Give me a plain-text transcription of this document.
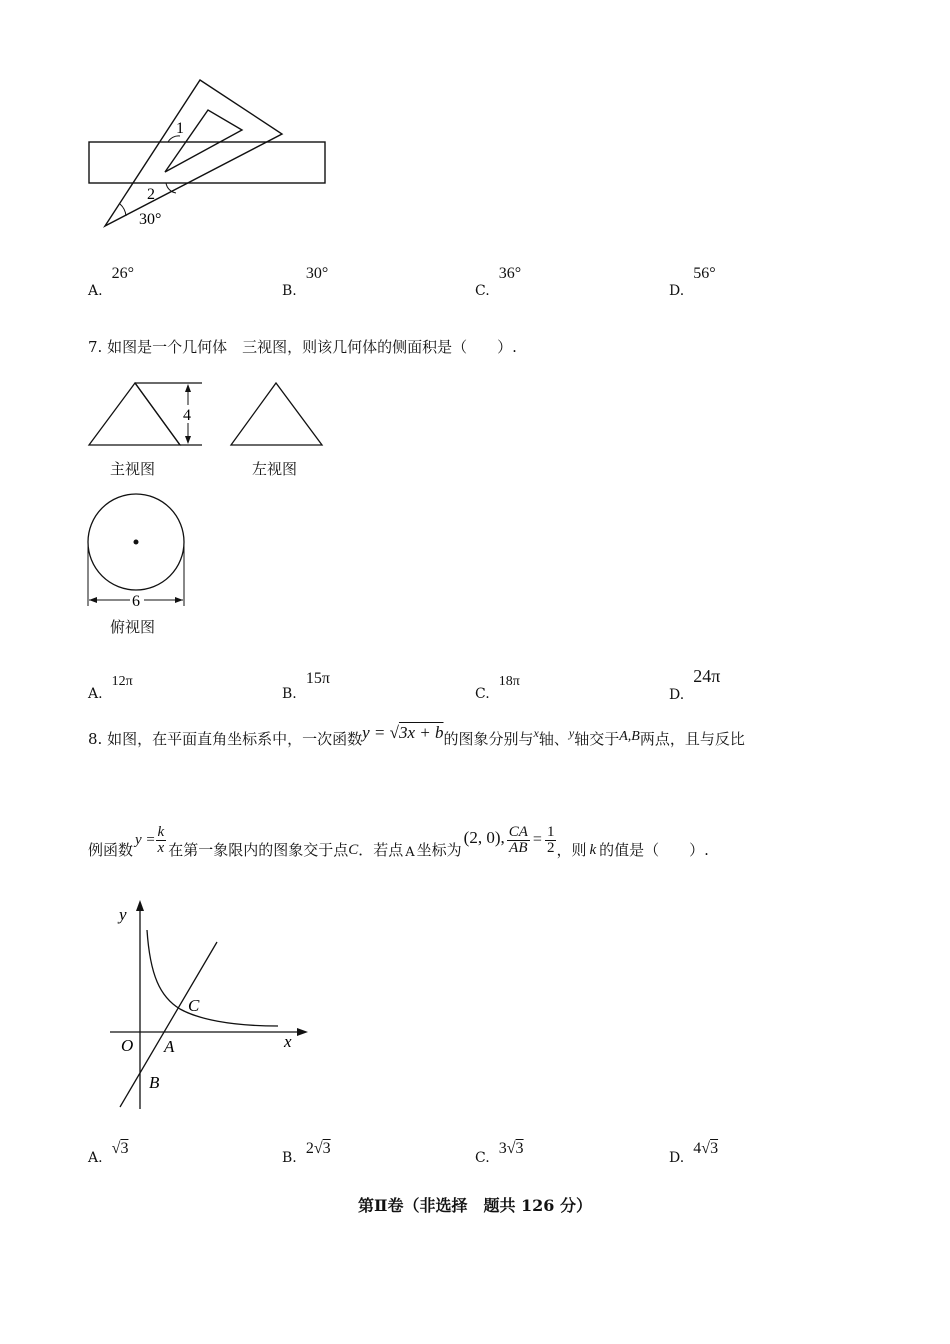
1
2
30°
A. 26°
B. 30°
C. 36°
D. 56°
7. 如图是一个几何体　三视图，则该几何体的侧面积是（　　）.
4
6
主视图	左视图
俯视图
A. 12π
B. 15π
C. 18π
D. 24π
8. 如图，在平面直角坐标系中，一次函数y = √3x + b的图象分别与$^x$轴、$^y$轴交于A,B两点，且与反比
例函数
$y = \frac{k}{x}$ 在第一象限内的图象交于点 C ．若点 A 坐标为
(2, 0), $\frac{CA}{AB} = \frac{1}{2}$ ，则 k 的值是（　　）.
y
x
O A
B
C
A. √3
B. 2√3
C. 3√3
D. 4√3
第Ⅱ卷（非选择　题共 126 分）
